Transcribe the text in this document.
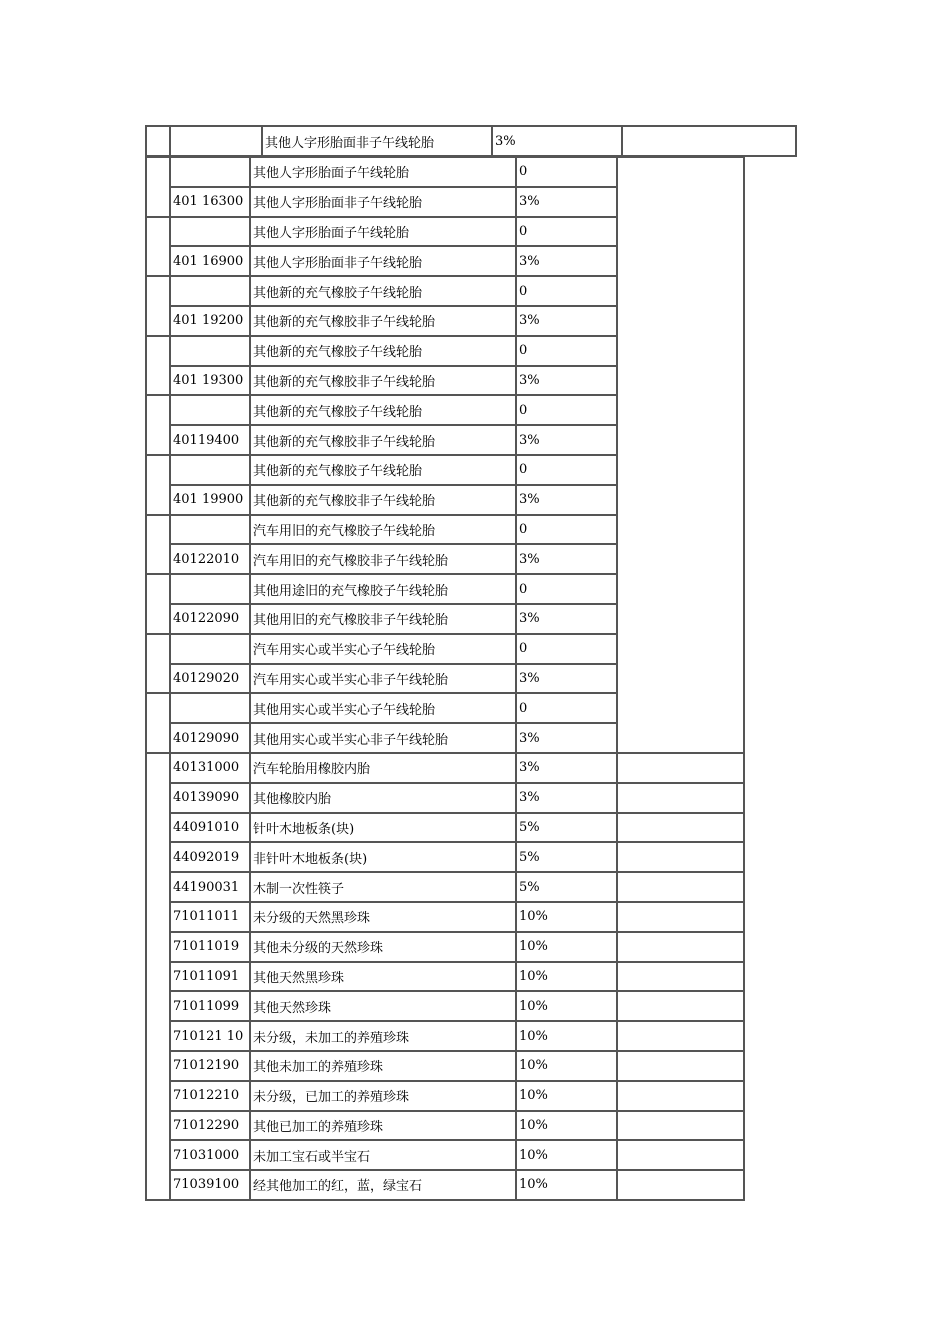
		其他人字形胎面非子午线轮胎	3%	
		其他人字形胎面子午线轮胎	0	
	401 16300	其他人字形胎面非子午线轮胎	3%	
		其他人字形胎面子午线轮胎	0	
	401 16900	其他人字形胎面非子午线轮胎	3%	
		其他新的充气橡胶子午线轮胎	0	
	401 19200	其他新的充气橡胶非子午线轮胎	3%	
		其他新的充气橡胶子午线轮胎	0	
	401 19300	其他新的充气橡胶非子午线轮胎	3%	
		其他新的充气橡胶子午线轮胎	0	
	40119400	其他新的充气橡胶非子午线轮胎	3%	
		其他新的充气橡胶子午线轮胎	0	
	401 19900	其他新的充气橡胶非子午线轮胎	3%	
		汽车用旧的充气橡胶子午线轮胎	0	
	40122010	汽车用旧的充气橡胶非子午线轮胎	3%	
		其他用途旧的充气橡胶子午线轮胎	0	
	40122090	其他用旧的充气橡胶非子午线轮胎	3%	
		汽车用实心或半实心子午线轮胎	0	
	40129020	汽车用实心或半实心非子午线轮胎	3%	
		其他用实心或半实心子午线轮胎	0	
	40129090	其他用实心或半实心非子午线轮胎	3%	
	40131000	汽车轮胎用橡胶内胎	3%	
	40139090	其他橡胶内胎	3%	
	44091010	针叶木地板条(块)	5%	
	44092019	非针叶木地板条(块)	5%	
	44190031	木制一次性筷子	5%	
	71011011	未分级的天然黑珍珠	10%	
	71011019	其他未分级的天然珍珠	10%	
	71011091	其他天然黑珍珠	10%	
	71011099	其他天然珍珠	10%	
	710121 10	未分级，未加工的养殖珍珠	10%	
	71012190	其他未加工的养殖珍珠	10%	
	71012210	未分级，已加工的养殖珍珠	10%	
	71012290	其他已加工的养殖珍珠	10%	
	71031000	未加工宝石或半宝石	10%	
	71039100	经其他加工的红，蓝，绿宝石	10%	
